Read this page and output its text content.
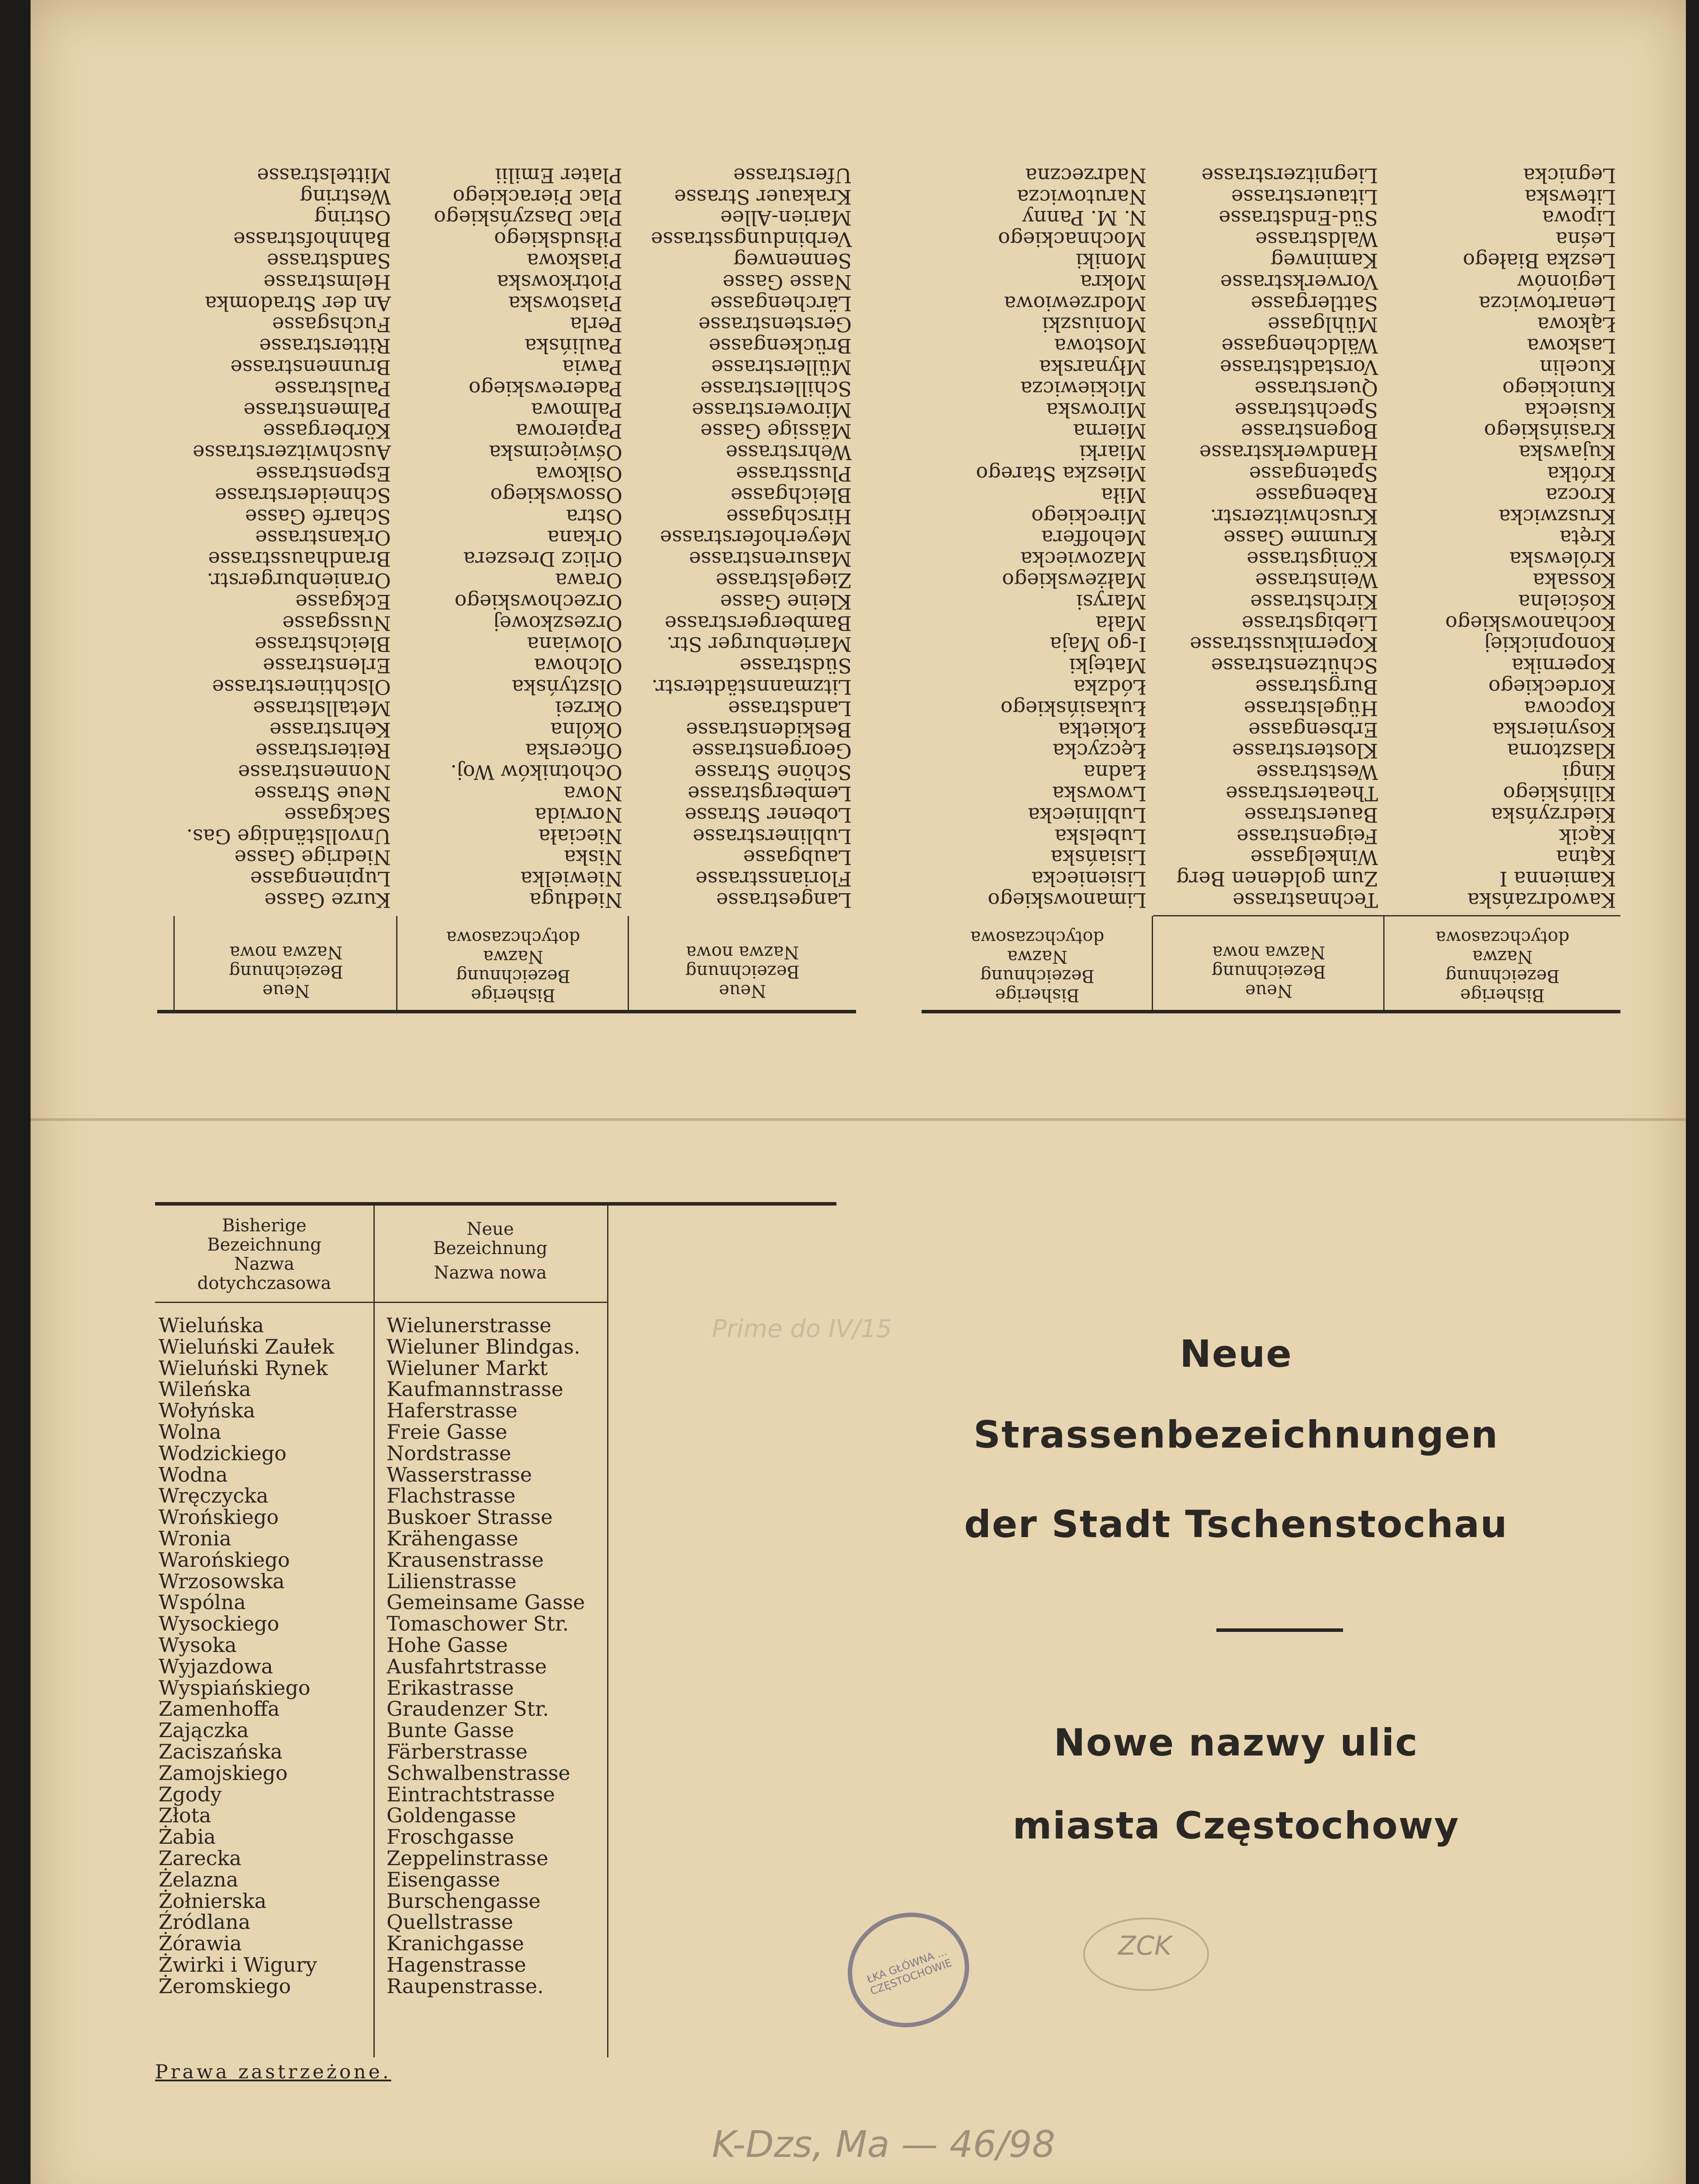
Bisherige
Bezeichnung
Nazwa
dotychczasowa
Neue
Bezeichnung
Nazwa nowa
Kawodrzańska
Kamienna I
Kątna
Kącik
Kiedrzyńska
Kilińskiego
Kingi
Klasztorna
Kosynierska
Kopcowa
Kordeckiego
Kopernika
Konopnickiej
Kochanowskiego
Kościelna
Kossaka
Królewska
Kręta
Kruszwicka
Krocza
Krótka
Kujawska
Krasińskiego
Kusiecka
Kunickiego
Kucelin
Laskowa
Łąkowa
Lenartowicza
Legionów
Leszka Białego
Leśna
Lipowa
Litewska
Legnicka
Technastrasse
Zum goldenen Berg
Winkelgasse
Feigenstrasse
Bauerstrasse
Theaterstrasse
Weststrasse
Klosterstrasse
Erbsengasse
Hügelstrasse
Burgstrasse
Schützenstrasse
Kopernikusstrasse
Liebigstrasse
Kirchstrasse
Weinstrasse
Königstrasse
Krumme Gasse
Kruschwitzerstr.
Rabengasse
Spatengasse
Handwerkstrasse
Bogenstrasse
Spechtstrasse
Querstrasse
Vorstadtstrasse
Wäldchengasse
Mühlgasse
Sattlergasse
Vorwerkstrasse
Kaminweg
Waldstrasse
Süd-Endstrasse
Litauerstrasse
Liegnitzerstrasse
Neue
Bezeichnung
Nazwa nowa
Bisherige
Bezeichnung
Nazwa
dotychczasowa
Neue
Bezeichnung
Nazwa nowa
Langestrasse
Floriansstrasse
Laubgasse
Lublinerstrasse
Lobener Strasse
Lembergstrasse
Schöne Strasse
Georgenstrasse
Beskidenstrasse
Landstrasse
Litzmannstädterstr.
Südstrasse
Marienburger Str.
Bambergerstrasse
Kleine Gasse
Ziegelstrasse
Masurenstrasse
Meyerhoferstrasse
Hirschgasse
Bleichgasse
Plusstrasse
Wehrstrasse
Mässige Gasse
Mirowerstrasse
Schillerstrasse
Müllerstrasse
Brückengasse
Gerstenstrasse
Lärchengasse
Nasse Gasse
Sennenweg
Verbindungsstrasse
Marien-Allee
Krakauer Strasse
Uferstrasse
Niedługa
Niewielka
Niska
Nieciała
Norwida
Nowa
Ochotników Woj.
Oficerska
Okólna
Okrzei
Olsztyńska
Olchowa
Olowiana
Orzeszkowej
Orzechowskiego
Orawa
Orlicz Dreszera
Orkana
Ostra
Ossowskiego
Osikowa
Oświęcimska
Papierowa
Palmowa
Paderewskiego
Pawia
Paulińska
Perla
Piastowska
Piotrkowska
Piaskowa
Piłsudskiego
Plac Daszyńskiego
Plac Pierackiego
Plater Emilii
Kurze Gasse
Lupinengasse
Niedrige Gasse
Unvollständige Gas.
Sackgasse
Neue Strasse
Nonnenstrasse
Reiterstrasse
Kehrstrasse
Metallstrasse
Olschtinerstrasse
Erlenstrasse
Bleichstrasse
Nussgasse
Eckgasse
Oranienburgerstr.
Brandhausstrasse
Orkanstrasse
Scharfe Gasse
Schneiderstrasse
Espenstrasse
Auschwitzerstrasse
Körbergasse
Palmenstrasse
Paulstrasse
Brunnenstrasse
Ritterstrasse
Fuchsgasse
An der Stradomka
Helmstrasse
Sandstrasse
Bahnhofstrasse
Ostring
Westring
Mittelstrasse
Bisherige
Bezeichnung
Nazwa
dotychczasowa
Limanowskiego
Lisieniecka
Lisiańska
Lubelska
Lubliniecka
Lwowska
Ładna
Łęczycka
Łokietka
Łukasińskiego
Łódzka
Matejki
I-go Maja
Mała
Marysi
Małżewskiego
Mazowiecka
Mehoffera
Mireckiego
Miła
Mieszka Starego
Miarki
Mierna
Mirowska
Mickiewicza
Młynarska
Mostowa
Moniuszki
Modrzewiowa
Mokra
Moniki
Mochnackiego
N. M. Panny
Narutowicza
Nadrzeczna
Bisherige
Bezeichnung
Nazwa
dotychczasowa
Neue
Bezeichnung
Nazwa nowa
Wieluńska
Wieluński Zaułek
Wieluński Rynek
Wileńska
Wołyńska
Wolna
Wodzickiego
Wodna
Wręczycka
Wrońskiego
Wronia
Warońskiego
Wrzosowska
Wspólna
Wysockiego
Wysoka
Wyjazdowa
Wyspiańskiego
Zamenhoffa
Zajączka
Zaciszańska
Zamojskiego
Zgody
Złota
Żabia
Zarecka
Żelazna
Żołnierska
Źródlana
Żórawia
Żwirki i Wigury
Żeromskiego
Wielunerstrasse
Wieluner Blindgas.
Wieluner Markt
Kaufmannstrasse
Haferstrasse
Freie Gasse
Nordstrasse
Wasserstrasse
Flachstrasse
Buskoer Strasse
Krähengasse
Krausenstrasse
Lilienstrasse
Gemeinsame Gasse
Tomaschower Str.
Hohe Gasse
Ausfahrtstrasse
Erikastrasse
Graudenzer Str.
Bunte Gasse
Färberstrasse
Schwalbenstrasse
Eintrachtstrasse
Goldengasse
Froschgasse
Zeppelinstrasse
Eisengasse
Burschengasse
Quellstrasse
Kranichgasse
Hagenstrasse
Raupenstrasse.
Neue
Strassenbezeichnungen
der Stadt Tschenstochau
Nowe nazwy ulic
miasta Częstochowy
Prawa zastrzeżone.
ŁKA GŁÓWNA ... CZĘSTOCHOWIE
ZCK
K-Dzs, Ma — 46/98
Prime do IV/15
